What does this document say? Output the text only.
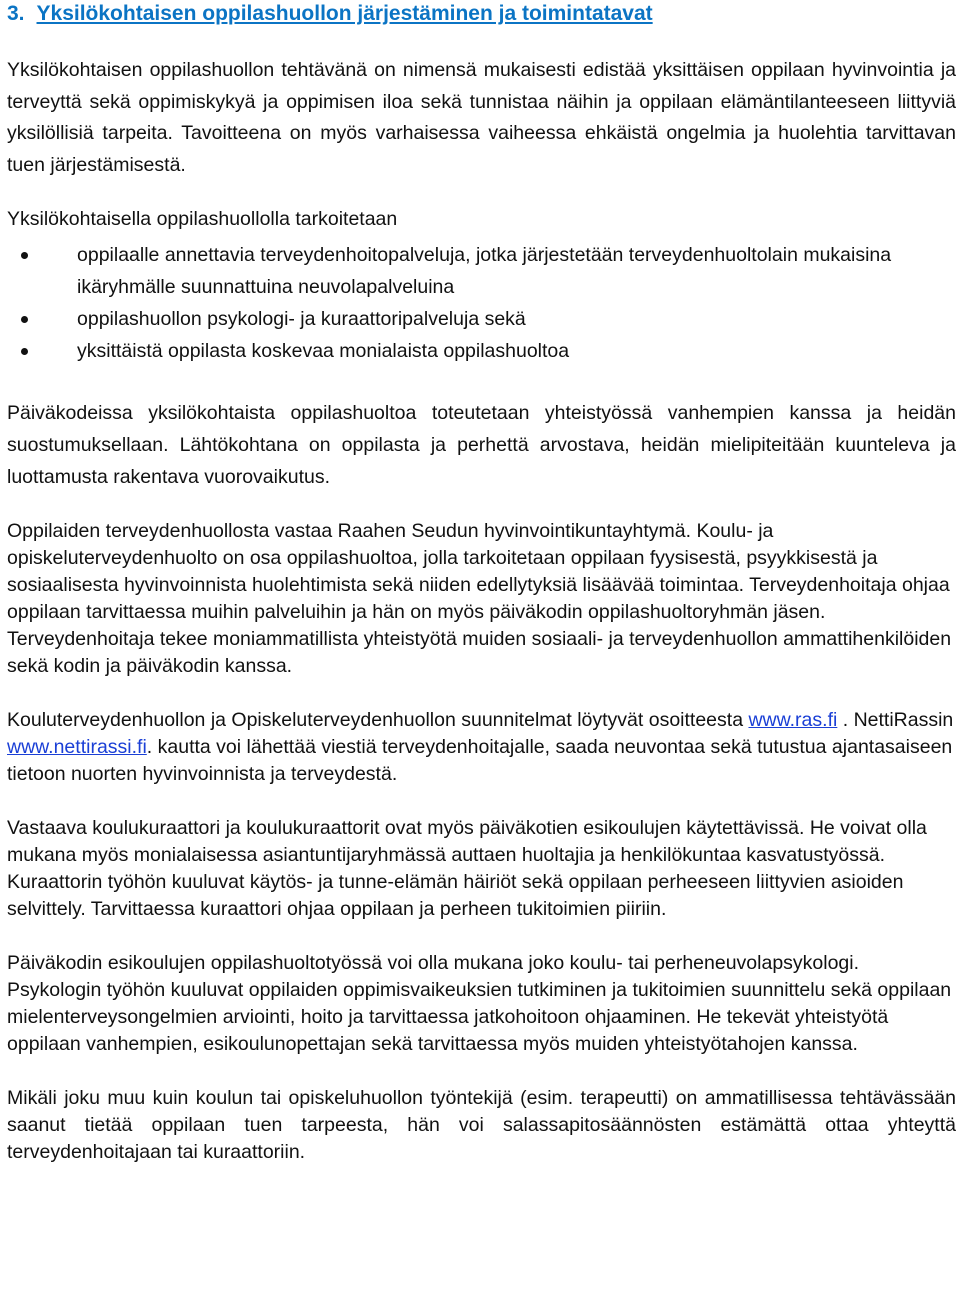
3. Yksilökohtaisen oppilashuollon järjestäminen ja toimintatavat

Yksilökohtaisen oppilashuollon tehtävänä on nimensä mukaisesti edistää yksittäisen oppilaan hyvinvointia ja terveyttä sekä oppimiskykyä ja oppimisen iloa sekä tunnistaa näihin ja oppilaan elämäntilanteeseen liittyviä yksilöllisiä tarpeita. Tavoitteena on myös varhaisessa vaiheessa ehkäistä ongelmia ja huolehtia tarvittavan tuen järjestämisestä.

Yksilökohtaisella oppilashuollolla tarkoitetaan

oppilaalle annettavia terveydenhoitopalveluja, jotka järjestetään terveydenhuoltolain mukaisina ikäryhmälle suunnattuina neuvolapalveluina
oppilashuollon psykologi- ja kuraattoripalveluja sekä
yksittäistä oppilasta koskevaa monialaista oppilashuoltoa

Päiväkodeissa yksilökohtaista oppilashuoltoa toteutetaan yhteistyössä vanhempien kanssa ja heidän suostumuksellaan. Lähtökohtana on oppilasta ja perhettä arvostava, heidän mielipiteitään kuunteleva ja luottamusta rakentava vuorovaikutus.

Oppilaiden terveydenhuollosta vastaa Raahen Seudun hyvinvointikuntayhtymä. Koulu- ja opiskeluterveydenhuolto on osa oppilashuoltoa, jolla tarkoitetaan oppilaan fyysisestä, psyykkisestä ja sosiaalisesta hyvinvoinnista huolehtimista sekä niiden edellytyksiä lisäävää toimintaa. Terveydenhoitaja ohjaa oppilaan tarvittaessa muihin palveluihin ja hän on myös päiväkodin oppilashuoltoryhmän jäsen. Terveydenhoitaja tekee moniammatillista yhteistyötä muiden sosiaali- ja terveydenhuollon ammattihenkilöiden sekä kodin ja päiväkodin kanssa.

Kouluterveydenhuollon ja Opiskeluterveydenhuollon suunnitelmat löytyvät osoitteesta www.ras.fi . NettiRassin www.nettirassi.fi. kautta voi lähettää viestiä terveydenhoitajalle, saada neuvontaa sekä tutustua ajantasaiseen tietoon nuorten hyvinvoinnista ja terveydestä.

Vastaava koulukuraattori ja koulukuraattorit ovat myös päiväkotien esikoulujen käytettävissä. He voivat olla mukana myös monialaisessa asiantuntijaryhmässä auttaen huoltajia ja henkilökuntaa kasvatustyössä. Kuraattorin työhön kuuluvat käytös- ja tunne-elämän häiriöt sekä oppilaan perheeseen liittyvien asioiden selvittely. Tarvittaessa kuraattori ohjaa oppilaan ja perheen tukitoimien piiriin.

Päiväkodin esikoulujen oppilashuoltotyössä voi olla mukana joko koulu- tai perheneuvolapsykologi. Psykologin työhön kuuluvat oppilaiden oppimisvaikeuksien tutkiminen ja tukitoimien suunnittelu sekä oppilaan mielenterveysongelmien arviointi, hoito ja tarvittaessa jatkohoitoon ohjaaminen. He tekevät yhteistyötä oppilaan vanhempien, esikoulunopettajan sekä tarvittaessa myös muiden yhteistyötahojen kanssa.

Mikäli joku muu kuin koulun tai opiskeluhuollon työntekijä (esim. terapeutti) on ammatillisessa tehtävässään saanut tietää oppilaan tuen tarpeesta, hän voi salassapitosäännösten estämättä ottaa yhteyttä terveydenhoitajaan tai kuraattoriin.
